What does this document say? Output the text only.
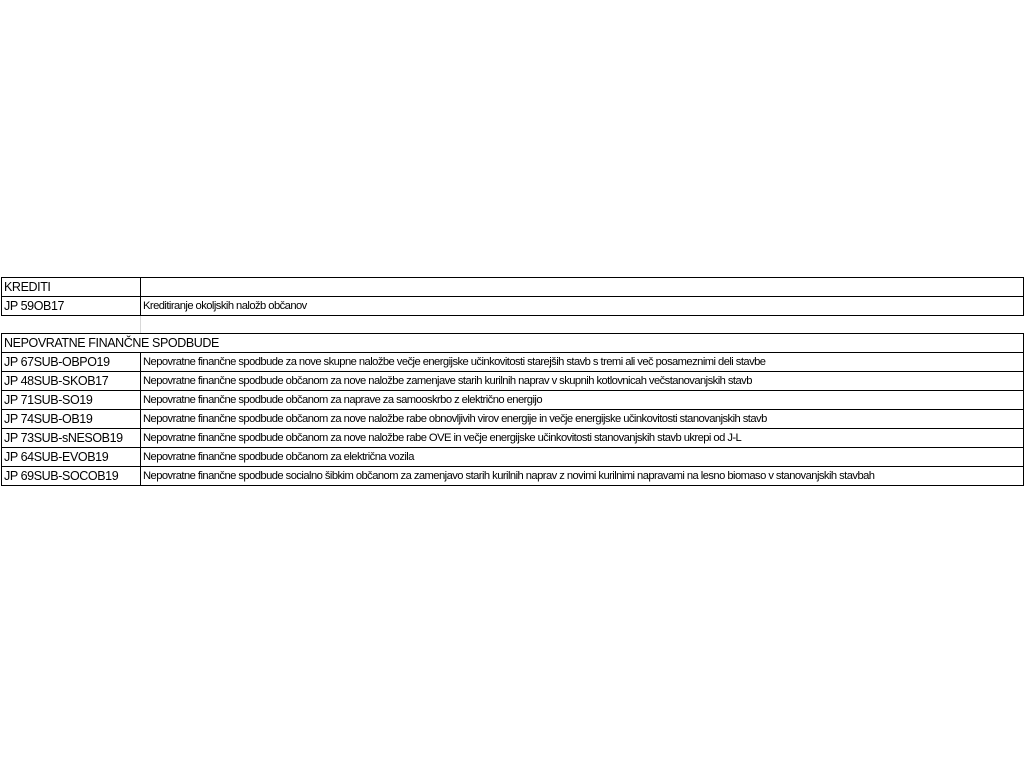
KREDITI	
JP 59OB17	Kreditiranje okoljskih naložb občanov

NEPOVRATNE FINANČNE SPODBUDE	
JP 67SUB-OBPO19	Nepovratne finančne spodbude za nove skupne naložbe večje energijske učinkovitosti starejših stavb s tremi ali več posameznimi deli stavbe
JP 48SUB-SKOB17	Nepovratne finančne spodbude občanom za nove naložbe zamenjave starih kurilnih naprav v skupnih kotlovnicah večstanovanjskih stavb
JP 71SUB-SO19	Nepovratne finančne spodbude občanom za naprave za samooskrbo z električno energijo
JP 74SUB-OB19	Nepovratne finančne spodbude občanom za nove naložbe rabe obnovljivih virov energije in večje energijske učinkovitosti stanovanjskih stavb
JP 73SUB-sNESOB19	Nepovratne finančne spodbude občanom za nove naložbe rabe OVE in večje energijske učinkovitosti stanovanjskih stavb ukrepi od J-L
JP 64SUB-EVOB19	Nepovratne finančne spodbude občanom za električna vozila
JP 69SUB-SOCOB19	Nepovratne finančne spodbude socialno šibkim občanom za zamenjavo starih kurilnih naprav z novimi kurilnimi napravami na lesno biomaso v stanovanjskih stavbah
